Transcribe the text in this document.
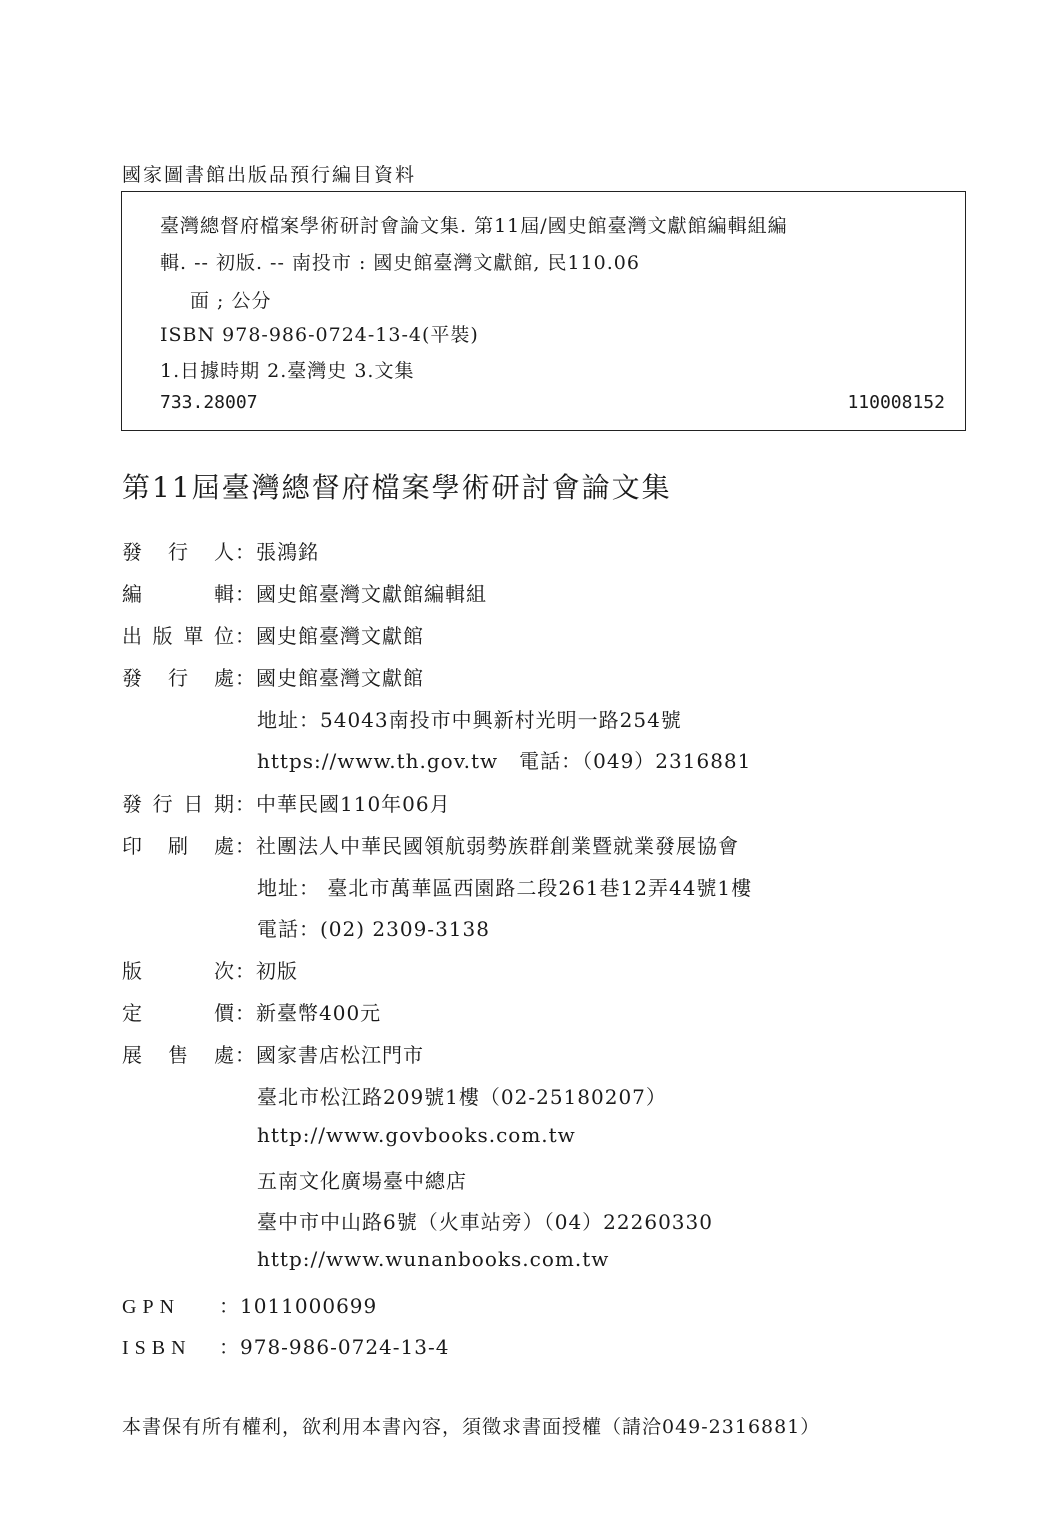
國家圖書館出版品預行編目資料
臺灣總督府檔案學術研討會論文集. 第11屆/國史館臺灣文獻館編輯組編
輯. -- 初版. -- 南投市 : 國史館臺灣文獻館, 民110.06
面 ; 公分
ISBN 978-986-0724-13-4(平裝)
1.日據時期 2.臺灣史 3.文集
733.28007	110008152
第11屆臺灣總督府檔案學術研討會論文集
發行人 ： 張鴻銘
編輯 ： 國史館臺灣文獻館編輯組
出版單位 ： 國史館臺灣文獻館
發行處 ： 國史館臺灣文獻館
地址：54043南投市中興新村光明一路254號
https://www.th.gov.tw　電話：（049）2316881
發行日期 ： 中華民國110年06月
印刷處 ： 社團法人中華民國領航弱勢族群創業暨就業發展協會
地址： 臺北市萬華區西園路二段261巷12弄44號1樓
電話：(02) 2309-3138
版次 ： 初版
定價 ： 新臺幣400元
展售處 ： 國家書店松江門市
臺北市松江路209號1樓（02-25180207）
http://www.govbooks.com.tw
五南文化廣場臺中總店
臺中市中山路6號（火車站旁）（04）22260330
http://www.wunanbooks.com.tw
GPN	： 1011000699
ISBN	： 978-986-0724-13-4
本書保有所有權利，欲利用本書內容，須徵求書面授權（請洽049-2316881）
